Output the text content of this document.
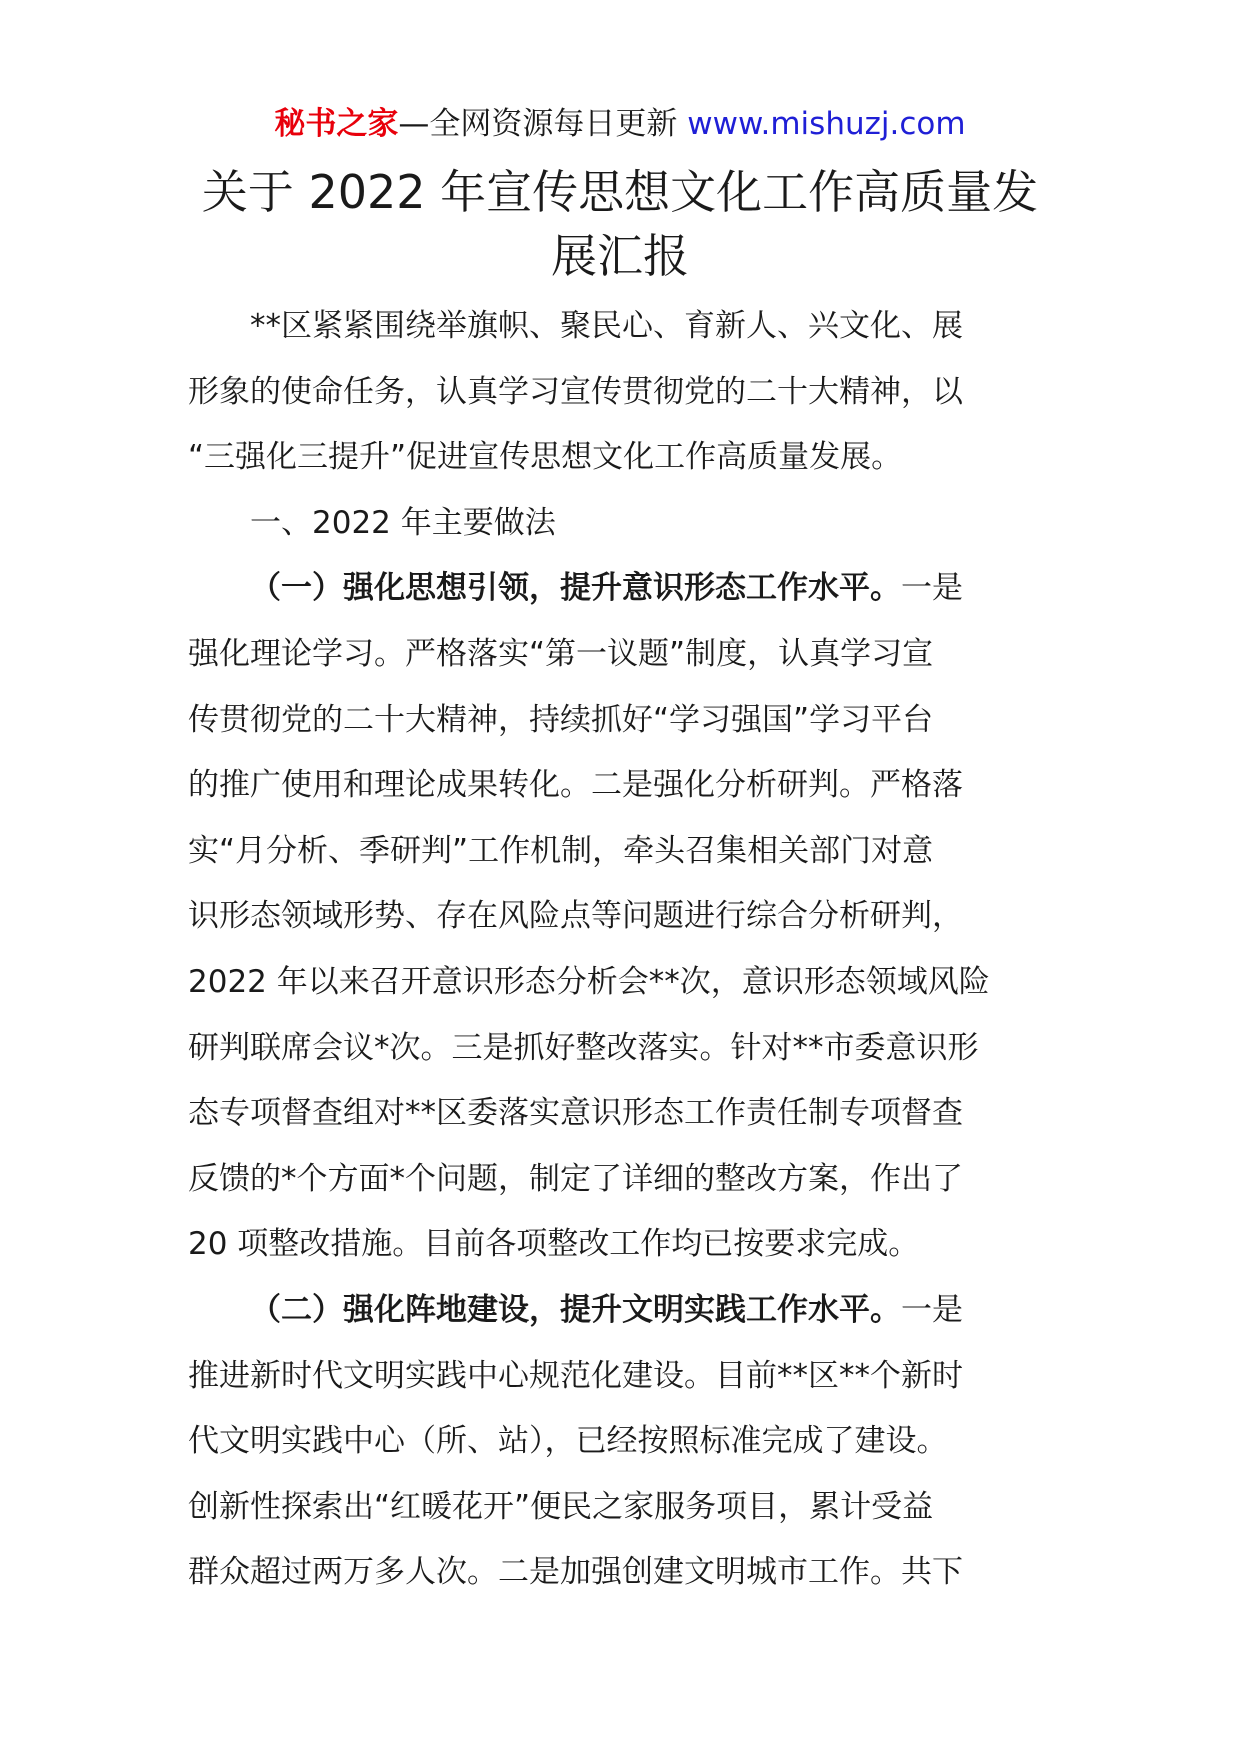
秘书之家—全网资源每日更新 www.mishuzj.com
关于 2022 年宣传思想文化工作高质量发
展汇报
**区紧紧围绕举旗帜、聚民心、育新人、兴文化、展
形象的使命任务，认真学习宣传贯彻党的二十大精神，以
“三强化三提升”促进宣传思想文化工作高质量发展。
一、2022 年主要做法
（一）强化思想引领，提升意识形态工作水平。一是
强化理论学习。严格落实“第一议题”制度，认真学习宣
传贯彻党的二十大精神，持续抓好“学习强国”学习平台
的推广使用和理论成果转化。二是强化分析研判。严格落
实“月分析、季研判”工作机制，牵头召集相关部门对意
识形态领域形势、存在风险点等问题进行综合分析研判，
2022 年以来召开意识形态分析会**次，意识形态领域风险
研判联席会议*次。三是抓好整改落实。针对**市委意识形
态专项督查组对**区委落实意识形态工作责任制专项督查
反馈的*个方面*个问题，制定了详细的整改方案，作出了
20 项整改措施。目前各项整改工作均已按要求完成。
（二）强化阵地建设，提升文明实践工作水平。一是
推进新时代文明实践中心规范化建设。目前**区**个新时
代文明实践中心（所、站），已经按照标准完成了建设。
创新性探索出“红暖花开”便民之家服务项目，累计受益
群众超过两万多人次。二是加强创建文明城市工作。共下
